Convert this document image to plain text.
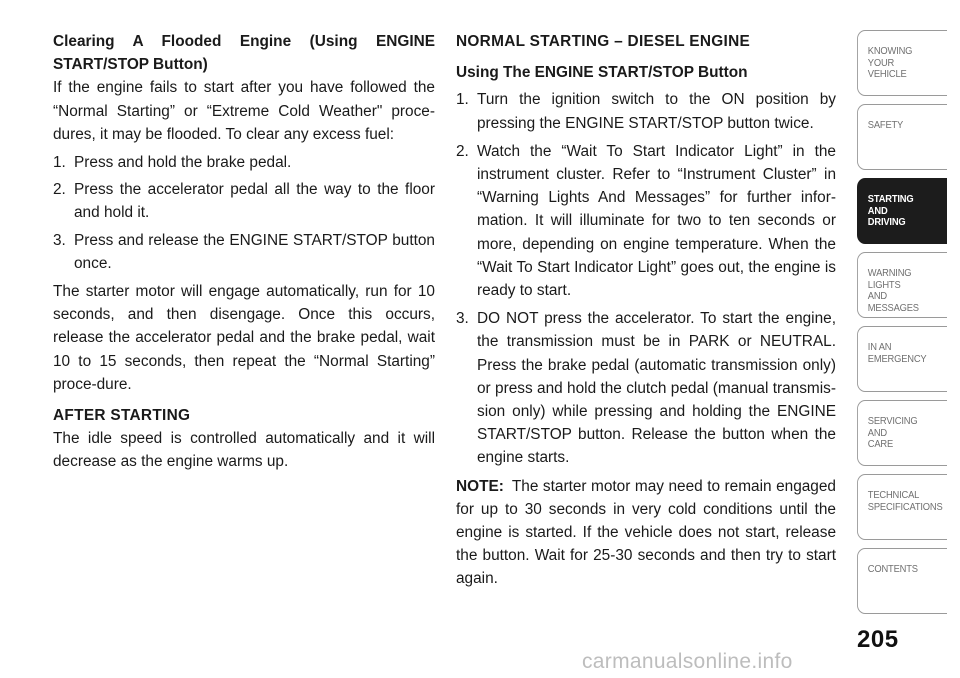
Clearing A Flooded Engine (Using ENGINE START/STOP Button)

If the engine fails to start after you have followed the “Normal Starting” or “Extreme Cold Weather" proce-dures, it may be flooded. To clear any excess fuel:

1. Press and hold the brake pedal.
2. Press the accelerator pedal all the way to the floor and hold it.
3. Press and release the ENGINE START/STOP button once.

The starter motor will engage automatically, run for 10 seconds, and then disengage. Once this occurs, release the accelerator pedal and the brake pedal, wait 10 to 15 seconds, then repeat the “Normal Starting” proce-dure.

AFTER STARTING

The idle speed is controlled automatically and it will decrease as the engine warms up.

NORMAL STARTING – DIESEL ENGINE

Using The ENGINE START/STOP Button

1. Turn the ignition switch to the ON position by pressing the ENGINE START/STOP button twice.
2. Watch the “Wait To Start Indicator Light” in the instrument cluster. Refer to “Instrument Cluster” in “Warning Lights And Messages” for further infor-mation. It will illuminate for two to ten seconds or more, depending on engine temperature. When the “Wait To Start Indicator Light” goes out, the engine is ready to start.
3. DO NOT press the accelerator. To start the engine, the transmission must be in PARK or NEUTRAL. Press the brake pedal (automatic transmission only) or press and hold the clutch pedal (manual transmis-sion only) while pressing and holding the ENGINE START/STOP button. Release the button when the engine starts.

NOTE: The starter motor may need to remain engaged for up to 30 seconds in very cold conditions until the engine is started. If the vehicle does not start, release the button. Wait for 25-30 seconds and then try to start again.

KNOWING
YOUR
VEHICLE
SAFETY
STARTING
AND
DRIVING
WARNING
LIGHTS
AND
MESSAGES
IN AN
EMERGENCY
SERVICING
AND
CARE
TECHNICAL
SPECIFICATIONS
CONTENTS
205
carmanualsonline.info
